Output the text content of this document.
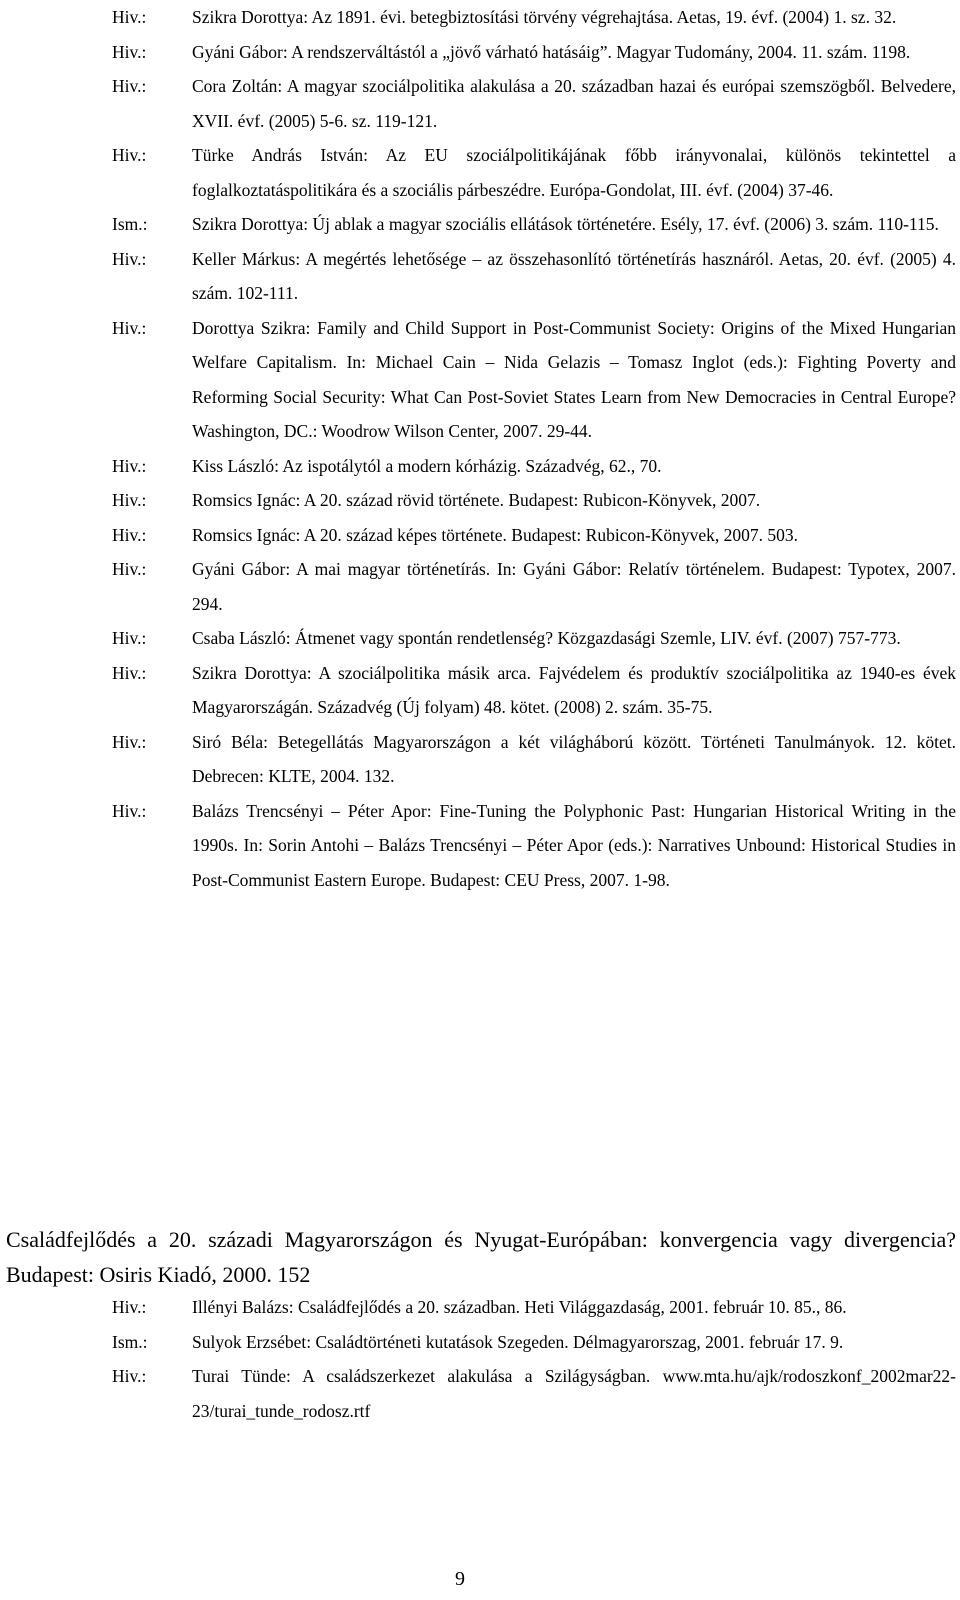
Hiv.:	Szikra Dorottya: Az 1891. évi. betegbiztosítási törvény végrehajtása. Aetas, 19. évf. (2004) 1. sz. 32.
Hiv.:	Gyáni Gábor: A rendszerváltástól a „jövő várható hatásáig”. Magyar Tudomány, 2004. 11. szám. 1198.
Hiv.:	Cora Zoltán: A magyar szociálpolitika alakulása a 20. században hazai és európai szemszögből. Belvedere, XVII. évf. (2005) 5-6. sz. 119-121.
Hiv.:	Türke András István: Az EU szociálpolitikájának főbb irányvonalai, különös tekintettel a foglalkoztatáspolitikára és a szociális párbeszédre. Európa-Gondolat, III. évf. (2004) 37-46.
Ism.:	Szikra Dorottya: Új ablak a magyar szociális ellátások történetére. Esély, 17. évf. (2006) 3. szám. 110-115.
Hiv.:	Keller Márkus: A megértés lehetősége – az összehasonlító történetírás hasznáról. Aetas, 20. évf. (2005) 4. szám. 102-111.
Hiv.:	Dorottya Szikra: Family and Child Support in Post-Communist Society: Origins of the Mixed Hungarian Welfare Capitalism. In: Michael Cain – Nida Gelazis – Tomasz Inglot (eds.): Fighting Poverty and Reforming Social Security: What Can Post-Soviet States Learn from New Democracies in Central Europe? Washington, DC.: Woodrow Wilson Center, 2007. 29-44.
Hiv.:	Kiss László: Az ispotálytól a modern kórházig. Századvég, 62., 70.
Hiv.:	Romsics Ignác: A 20. század rövid története. Budapest: Rubicon-Könyvek, 2007.
Hiv.:	Romsics Ignác: A 20. század képes története. Budapest: Rubicon-Könyvek, 2007. 503.
Hiv.:	Gyáni Gábor: A mai magyar történetírás. In: Gyáni Gábor: Relatív történelem. Budapest: Typotex, 2007. 294.
Hiv.:	Csaba László: Átmenet vagy spontán rendetlenség? Közgazdasági Szemle, LIV. évf. (2007) 757-773.
Hiv.:	Szikra Dorottya: A szociálpolitika másik arca. Fajvédelem és produktív szociálpolitika az 1940-es évek Magyarországán. Századvég (Új folyam) 48. kötet. (2008) 2. szám. 35-75.
Hiv.:	Siró Béla: Betegellátás Magyarországon a két világháború között. Történeti Tanulmányok. 12. kötet. Debrecen: KLTE, 2004. 132.
Hiv.:	Balázs Trencsényi – Péter Apor: Fine-Tuning the Polyphonic Past: Hungarian Historical Writing in the 1990s. In: Sorin Antohi – Balázs Trencsényi – Péter Apor (eds.): Narratives Unbound: Historical Studies in Post-Communist Eastern Europe. Budapest: CEU Press, 2007. 1-98.
Családfejlődés a 20. századi Magyarországon és Nyugat-Európában: konvergencia vagy divergencia? Budapest: Osiris Kiadó, 2000. 152
Hiv.:	Illényi Balázs: Családfejlődés a 20. században. Heti Világgazdaság, 2001. február 10. 85., 86.
Ism.:	Sulyok Erzsébet: Családtörténeti kutatások Szegeden. Délmagyarorszag, 2001. február 17. 9.
Hiv.:	Turai Tünde: A családszerkezet alakulása a Szilágyságban. www.mta.hu/ajk/rodoszkonf_2002mar22-23/turai_tunde_rodosz.rtf
9
